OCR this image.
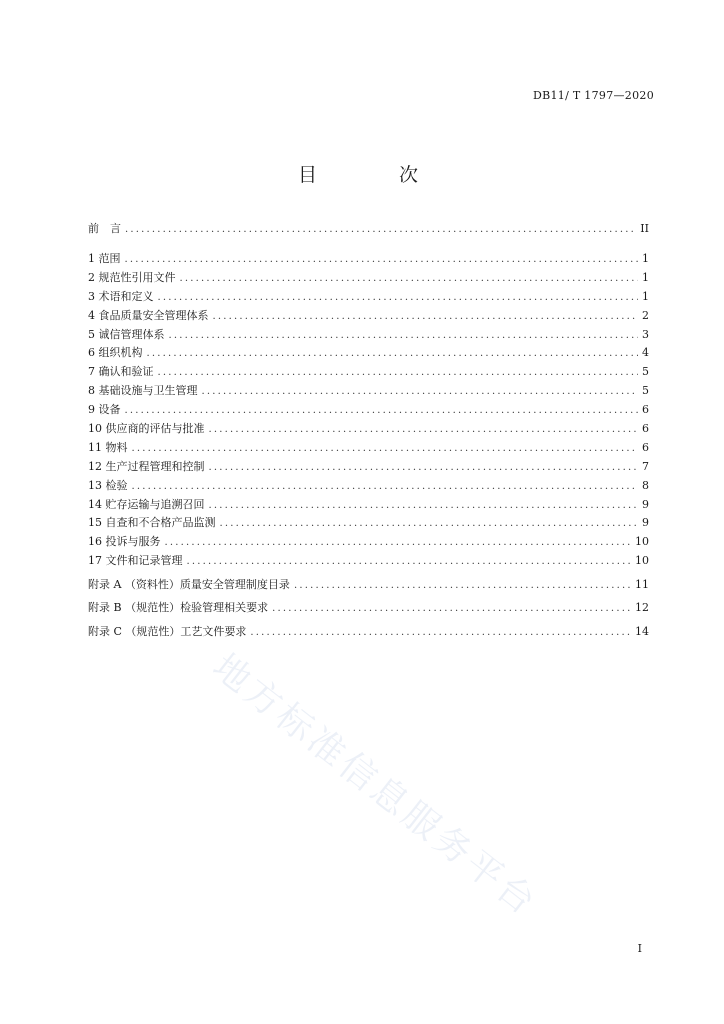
DB11/ T 1797—2020
目 次
前　言 .....	II
1 范围 .....	1
2 规范性引用文件 .....	1
3 术语和定义 .....	1
4 食品质量安全管理体系 .....	2
5 诚信管理体系 .....	3
6 组织机构 .....	4
7 确认和验证 .....	5
8 基础设施与卫生管理 .....	5
9 设备 .....	6
10 供应商的评估与批准 .....	6
11 物料 .....	6
12 生产过程管理和控制 .....	7
13 检验 .....	8
14 贮存运输与追溯召回 .....	9
15 自查和不合格产品监测 .....	9
16 投诉与服务 .....	10
17 文件和记录管理 .....	10
附录 A （资料性）质量安全管理制度目录 .....	11
附录 B （规范性）检验管理相关要求 .....	12
附录 C （规范性）工艺文件要求 .....	14
地方标准信息服务平台
I
